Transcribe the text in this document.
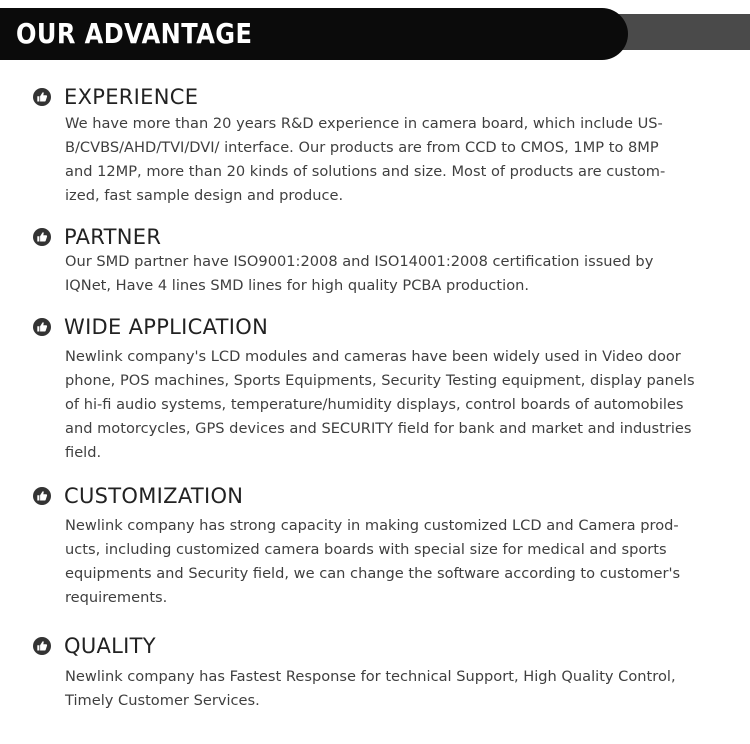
OUR ADVANTAGE
EXPERIENCE

We have more than 20 years R&D experience in camera board, which include US-
B/CVBS/AHD/TVI/DVI/ interface. Our products are from CCD to CMOS, 1MP to 8MP
and 12MP, more than 20 kinds of solutions and size. Most of products are custom-
ized, fast sample design and produce.

PARTNER

Our SMD partner have ISO9001:2008 and ISO14001:2008 certification issued by
IQNet, Have 4 lines SMD lines for high quality PCBA production.

WIDE APPLICATION

Newlink company's LCD modules and cameras have been widely used in Video door
phone, POS machines, Sports Equipments, Security Testing equipment, display panels
of hi-fi audio systems, temperature/humidity displays, control boards of automobiles
and motorcycles, GPS devices and SECURITY field for bank and market and industries
field.

CUSTOMIZATION

Newlink company has strong capacity in making customized LCD and Camera prod-
ucts, including customized camera boards with special size for medical and sports
equipments and Security field, we can change the software according to customer's
requirements.

QUALITY

Newlink company has Fastest Response for technical Support, High Quality Control,
Timely Customer Services.
